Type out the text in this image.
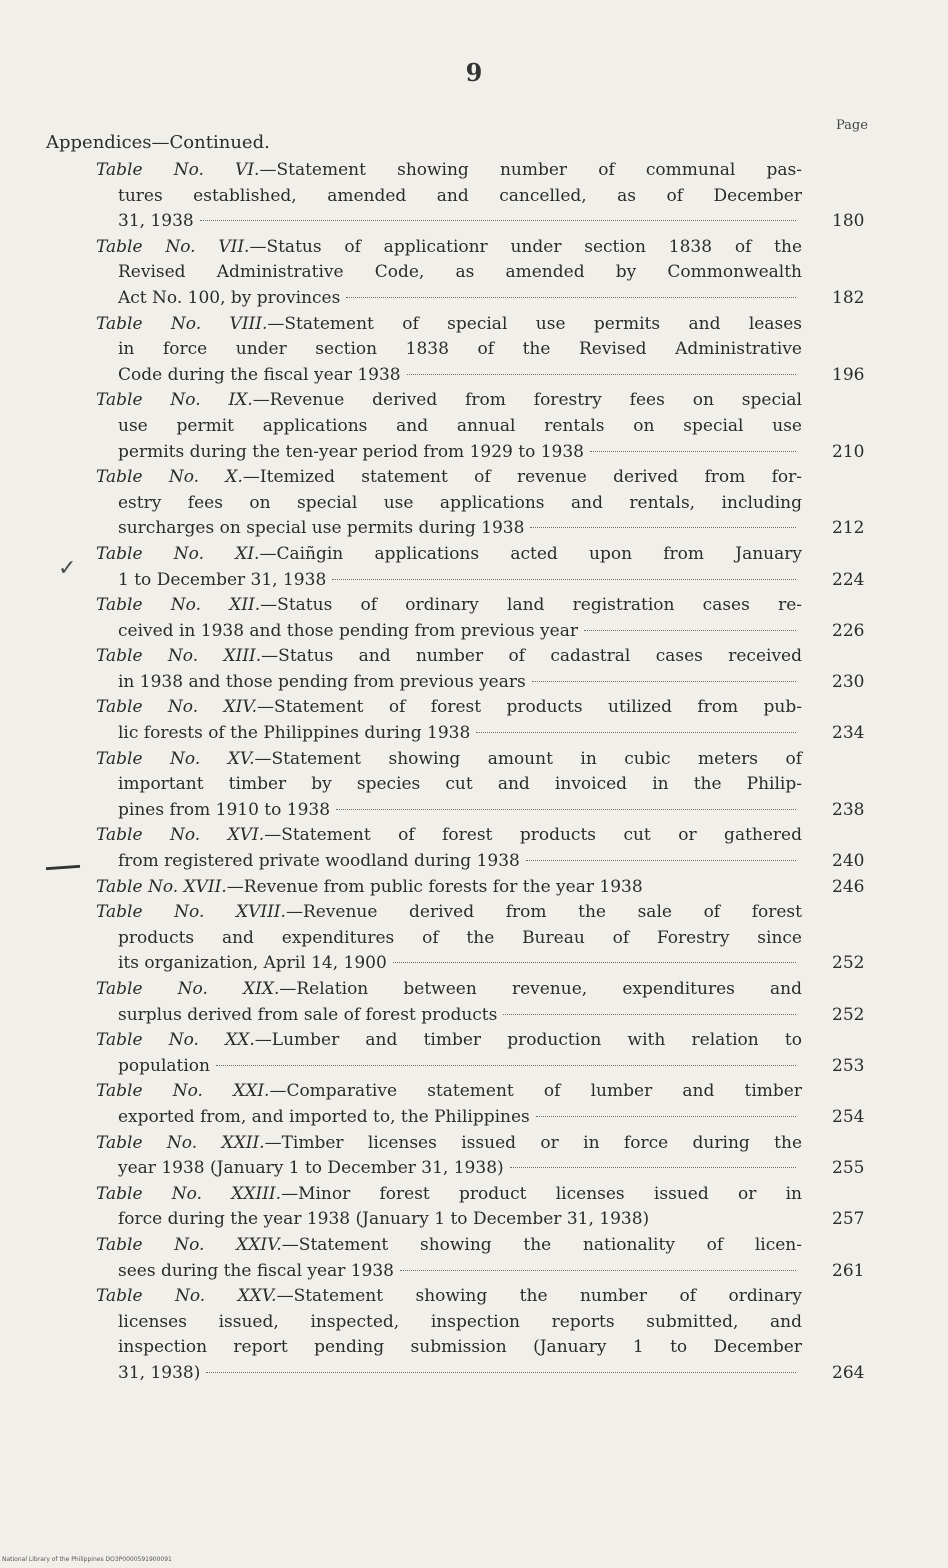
9
Page
Appendices—Continued.
Table No. VI.—Statement showing number of communal pas-
tures established, amended and cancelled, as of December
31, 1938	180
Table No. VII.—Status of applicationr under section 1838 of the
Revised Administrative Code, as amended by Commonwealth
Act No. 100, by provinces	182
Table No. VIII.—Statement of special use permits and leases
in force under section 1838 of the Revised Administrative
Code during the fiscal year 1938	196
Table No. IX.—Revenue derived from forestry fees on special
use permit applications and annual rentals on special use
permits during the ten-year period from 1929 to 1938	210
Table No. X.—Itemized statement of revenue derived from for-
estry fees on special use applications and rentals, including
surcharges on special use permits during 1938	212
Table No. XI.—Caiñgin applications acted upon from January
1 to December 31, 1938	224
Table No. XII.—Status of ordinary land registration cases re-
ceived in 1938 and those pending from previous year	226
Table No. XIII.—Status and number of cadastral cases received
in 1938 and those pending from previous years	230
Table No. XIV.—Statement of forest products utilized from pub-
lic forests of the Philippines during 1938	234
Table No. XV.—Statement showing amount in cubic meters of
important timber by species cut and invoiced in the Philip-
pines from 1910 to 1938	238
Table No. XVI.—Statement of forest products cut or gathered
from registered private woodland during 1938	240
Table No. XVII.—Revenue from public forests for the year 1938	246
Table No. XVIII.—Revenue derived from the sale of forest
products and expenditures of the Bureau of Forestry since
its organization, April 14, 1900	252
Table No. XIX.—Relation between revenue, expenditures and
surplus derived from sale of forest products	252
Table No. XX.—Lumber and timber production with relation to
population	253
Table No. XXI.—Comparative statement of lumber and timber
exported from, and imported to, the Philippines	254
Table No. XXII.—Timber licenses issued or in force during the
year 1938 (January 1 to December 31, 1938)	255
Table No. XXIII.—Minor forest product licenses issued or in
force during the year 1938 (January 1 to December 31, 1938)	257
Table No. XXIV.—Statement showing the nationality of licen-
sees during the fiscal year 1938	261
Table No. XXV.—Statement showing the number of ordinary
licenses issued, inspected, inspection reports submitted, and
inspection report pending submission (January 1 to December
31, 1938)	264
✓
National Library of the Philippines DO3P0000591900091
